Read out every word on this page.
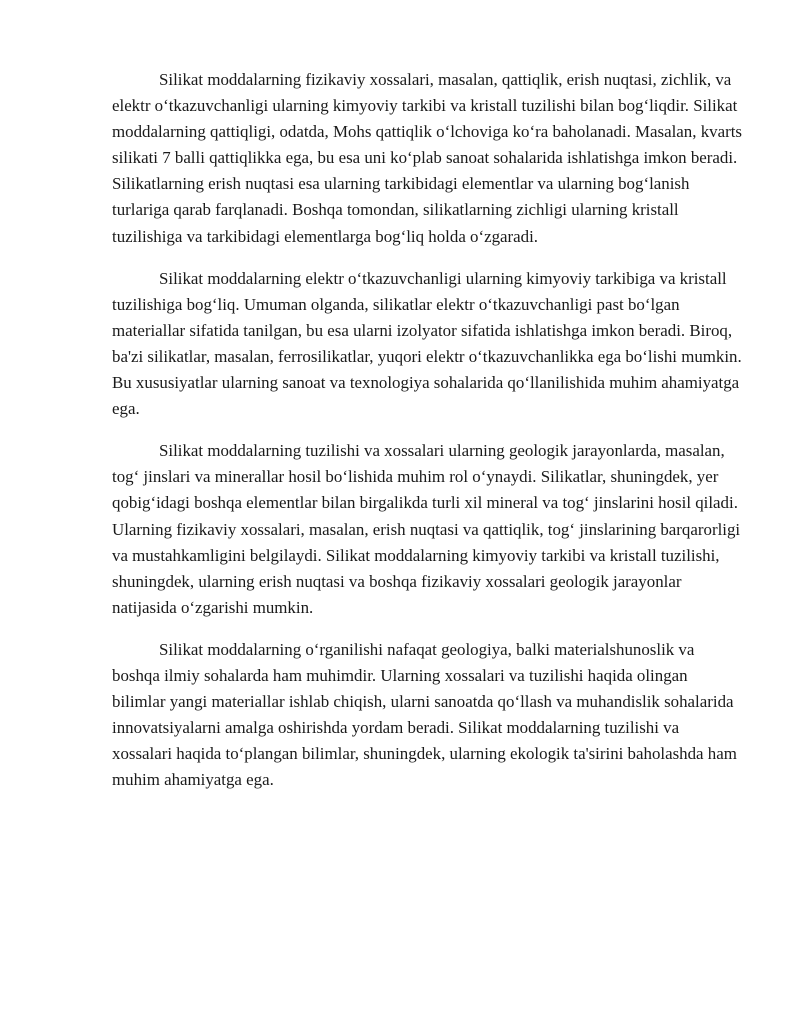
Silikat moddalarning fizikaviy xossalari, masalan, qattiqlik, erish nuqtasi, zichlik, va elektr o‘tkazuvchanligi ularning kimyoviy tarkibi va kristall tuzilishi bilan bog‘liqdir. Silikat moddalarning qattiqligi, odatda, Mohs qattiqlik o‘lchoviga ko‘ra baholanadi. Masalan, kvarts silikati 7 balli qattiqlikka ega, bu esa uni ko‘plab sanoat sohalarida ishlatishga imkon beradi. Silikatlarning erish nuqtasi esa ularning tarkibidagi elementlar va ularning bog‘lanish turlariga qarab farqlanadi. Boshqa tomondan, silikatlarning zichligi ularning kristall tuzilishiga va tarkibidagi elementlarga bog‘liq holda o‘zgaradi.

Silikat moddalarning elektr o‘tkazuvchanligi ularning kimyoviy tarkibiga va kristall tuzilishiga bog‘liq. Umuman olganda, silikatlar elektr o‘tkazuvchanligi past bo‘lgan materiallar sifatida tanilgan, bu esa ularni izolyator sifatida ishlatishga imkon beradi. Biroq, ba'zi silikatlar, masalan, ferrosilikatlar, yuqori elektr o‘tkazuvchanlikka ega bo‘lishi mumkin. Bu xususiyatlar ularning sanoat va texnologiya sohalarida qo‘llanilishida muhim ahamiyatga ega.

Silikat moddalarning tuzilishi va xossalari ularning geologik jarayonlarda, masalan, tog‘ jinslari va minerallar hosil bo‘lishida muhim rol o‘ynaydi. Silikatlar, shuningdek, yer qobig‘idagi boshqa elementlar bilan birgalikda turli xil mineral va tog‘ jinslarini hosil qiladi. Ularning fizikaviy xossalari, masalan, erish nuqtasi va qattiqlik, tog‘ jinslarining barqarorligi va mustahkamligini belgilaydi. Silikat moddalarning kimyoviy tarkibi va kristall tuzilishi, shuningdek, ularning erish nuqtasi va boshqa fizikaviy xossalari geologik jarayonlar natijasida o‘zgarishi mumkin.

Silikat moddalarning o‘rganilishi nafaqat geologiya, balki materialshunoslik va boshqa ilmiy sohalarda ham muhimdir. Ularning xossalari va tuzilishi haqida olingan bilimlar yangi materiallar ishlab chiqish, ularni sanoatda qo‘llash va muhandislik sohalarida innovatsiyalarni amalga oshirishda yordam beradi. Silikat moddalarning tuzilishi va xossalari haqida to‘plangan bilimlar, shuningdek, ularning ekologik ta'sirini baholashda ham muhim ahamiyatga ega.
